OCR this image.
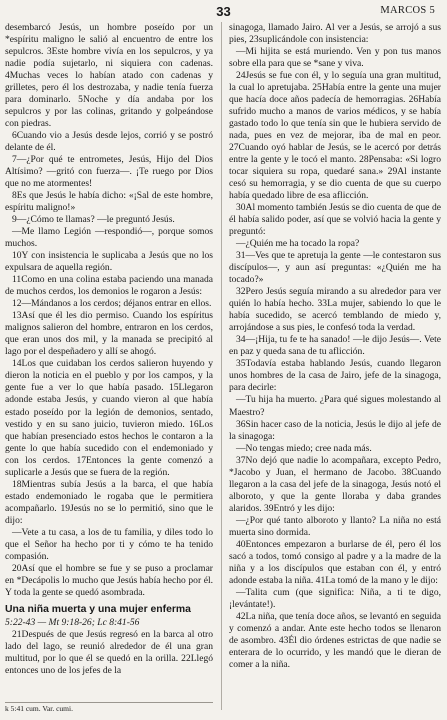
33	MARCOS 5

desembarcó Jesús, un hombre poseído por un *espíritu maligno le salió al encuentro de entre los sepulcros. 3Este hombre vivía en los sepulcros, y ya nadie podía sujetarlo, ni siquiera con cadenas. 4Muchas veces lo habían atado con cadenas y grilletes, pero él los destrozaba, y nadie tenía fuerza para dominarlo. 5Noche y día andaba por los sepulcros y por las colinas, gritando y golpeándose con piedras.

6Cuando vio a Jesús desde lejos, corrió y se postró delante de él.

7—¿Por qué te entrometes, Jesús, Hijo del Dios Altísimo? —gritó con fuerza—. ¡Te ruego por Dios que no me atormentes!

8Es que Jesús le había dicho: «¡Sal de este hombre, espíritu maligno!»

9—¿Cómo te llamas? —le preguntó Jesús.

—Me llamo Legión —respondió—, porque somos muchos.

10Y con insistencia le suplicaba a Jesús que no los expulsara de aquella región.

11Como en una colina estaba paciendo una manada de muchos cerdos, los demonios le rogaron a Jesús:

12—Mándanos a los cerdos; déjanos entrar en ellos.

13Así que él les dio permiso. Cuando los espíritus malignos salieron del hombre, entraron en los cerdos, que eran unos dos mil, y la manada se precipitó al lago por el despeñadero y allí se ahogó.

14Los que cuidaban los cerdos salieron huyendo y dieron la noticia en el pueblo y por los campos, y la gente fue a ver lo que había pasado. 15Llegaron adonde estaba Jesús, y cuando vieron al que había estado poseído por la legión de demonios, sentado, vestido y en su sano juicio, tuvieron miedo. 16Los que habían presenciado estos hechos le contaron a la gente lo que había sucedido con el endemoniado y con los cerdos. 17Entonces la gente comenzó a suplicarle a Jesús que se fuera de la región.

18Mientras subía Jesús a la barca, el que había estado endemoniado le rogaba que le permitiera acompañarlo. 19Jesús no se lo permitió, sino que le dijo:

—Vete a tu casa, a los de tu familia, y diles todo lo que el Señor ha hecho por ti y cómo te ha tenido compasión.

20Así que el hombre se fue y se puso a proclamar en *Decápolis lo mucho que Jesús había hecho por él. Y toda la gente se quedó asombrada.

Una niña muerta y una mujer enferma

5:22-43 — Mt 9:18-26; Lc 8:41-56

21Después de que Jesús regresó en la barca al otro lado del lago, se reunió alrededor de él una gran multitud, por lo que él se quedó en la orilla. 22Llegó entonces uno de los jefes de la

sinagoga, llamado Jairo. Al ver a Jesús, se arrojó a sus pies, 23suplicándole con insistencia:

—Mi hijita se está muriendo. Ven y pon tus manos sobre ella para que se *sane y viva.

24Jesús se fue con él, y lo seguía una gran multitud, la cual lo apretujaba. 25Había entre la gente una mujer que hacía doce años padecía de hemorragias. 26Había sufrido mucho a manos de varios médicos, y se había gastado todo lo que tenía sin que le hubiera servido de nada, pues en vez de mejorar, iba de mal en peor. 27Cuando oyó hablar de Jesús, se le acercó por detrás entre la gente y le tocó el manto. 28Pensaba: «Si logro tocar siquiera su ropa, quedaré sana.» 29Al instante cesó su hemorragia, y se dio cuenta de que su cuerpo había quedado libre de esa aflicción.

30Al momento también Jesús se dio cuenta de que de él había salido poder, así que se volvió hacia la gente y preguntó:

—¿Quién me ha tocado la ropa?

31—Ves que te apretuja la gente —le contestaron sus discípulos—, y aun así preguntas: «¿Quién me ha tocado?»

32Pero Jesús seguía mirando a su alrededor para ver quién lo había hecho. 33La mujer, sabiendo lo que le había sucedido, se acercó temblando de miedo y, arrojándose a sus pies, le confesó toda la verdad.

34—¡Hija, tu fe te ha sanado! —le dijo Jesús—. Vete en paz y queda sana de tu aflicción.

35Todavía estaba hablando Jesús, cuando llegaron unos hombres de la casa de Jairo, jefe de la sinagoga, para decirle:

—Tu hija ha muerto. ¿Para qué sigues molestando al Maestro?

36Sin hacer caso de la noticia, Jesús le dijo al jefe de la sinagoga:

—No tengas miedo; cree nada más.

37No dejó que nadie lo acompañara, excepto Pedro, *Jacobo y Juan, el hermano de Jacobo. 38Cuando llegaron a la casa del jefe de la sinagoga, Jesús notó el alboroto, y que la gente lloraba y daba grandes alaridos. 39Entró y les dijo:

—¿Por qué tanto alboroto y llanto? La niña no está muerta sino dormida.

40Entonces empezaron a burlarse de él, pero él los sacó a todos, tomó consigo al padre y a la madre de la niña y a los discípulos que estaban con él, y entró adonde estaba la niña. 41La tomó de la mano y le dijo:

—Talita cum (que significa: Niña, a ti te digo, ¡levántate!).

42La niña, que tenía doce años, se levantó en seguida y comenzó a andar. Ante este hecho todos se llenaron de asombro. 43Él dio órdenes estrictas de que nadie se enterara de lo ocurrido, y les mandó que le dieran de comer a la niña.

k 5:41 cum. Var. cumi.
